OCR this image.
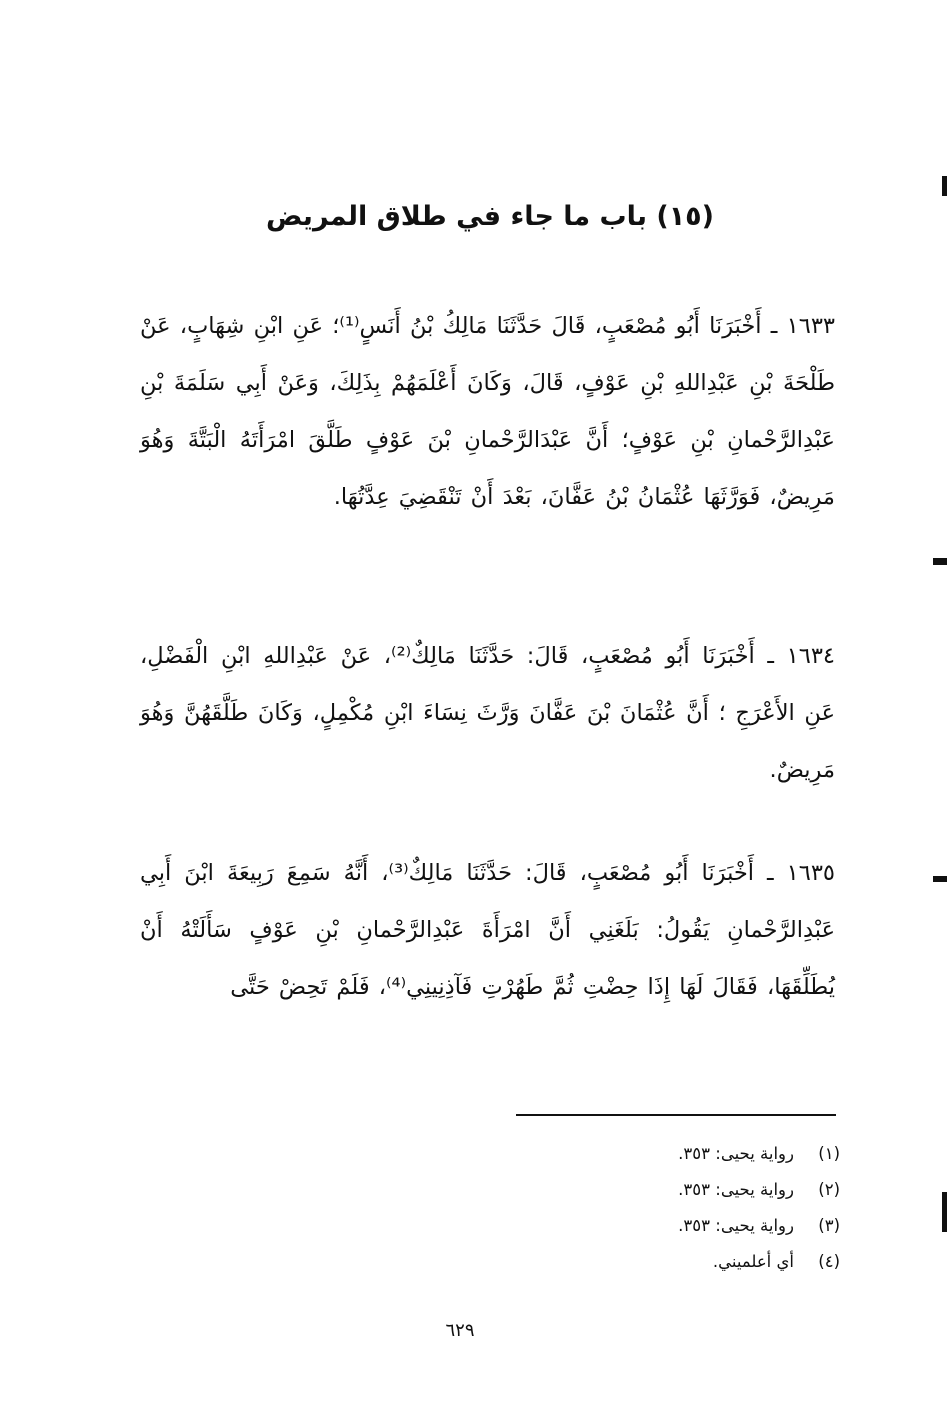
(١٥) باب ما جاء في طلاق المريض
١٦٣٣ ـ أَخْبَرَنَا أَبُو مُصْعَبٍ، قَالَ حَدَّثَنَا مَالِكُ بْنُ أَنَسٍ⁽¹⁾؛ عَنِ ابْنِ شِهَابٍ، عَنْ طَلْحَةَ بْنِ عَبْدِاللهِ بْنِ عَوْفٍ، قَالَ، وَكَانَ أَعْلَمَهُمْ بِذَلِكَ، وَعَنْ أَبِي سَلَمَةَ بْنِ عَبْدِالرَّحْمانِ بْنِ عَوْفٍ؛ أَنَّ عَبْدَالرَّحْمانِ بْنَ عَوْفٍ طَلَّقَ امْرَأَتَهُ الْبَتَّةَ وَهُوَ مَرِيضٌ، فَوَرَّثَهَا عُثْمَانُ بْنُ عَفَّانَ، بَعْدَ أَنْ تَنْقَضِيَ عِدَّتُهَا.
١٦٣٤ ـ أَخْبَرَنَا أَبُو مُصْعَبٍ، قَالَ: حَدَّثَنَا مَالِكٌ⁽²⁾، عَنْ عَبْدِاللهِ ابْنِ الْفَضْلِ، عَنِ الأَعْرَجِ ؛ أَنَّ عُثْمَانَ بْنَ عَفَّانَ وَرَّثَ نِسَاءَ ابْنِ مُكْمِلٍ، وَكَانَ طَلَّقَهُنَّ وَهُوَ مَرِيضٌ.
١٦٣٥ ـ أَخْبَرَنَا أَبُو مُصْعَبٍ، قَالَ: حَدَّثَنَا مَالِكٌ⁽³⁾، أَنَّهُ سَمِعَ رَبِيعَةَ ابْنَ أَبِي عَبْدِالرَّحْمانِ يَقُولُ: بَلَغَنِي أَنَّ امْرَأَةَ عَبْدِالرَّحْمانِ بْنِ عَوْفٍ سَأَلَتْهُ أَنْ يُطَلِّقَهَا، فَقَالَ لَهَا إِذَا حِضْتِ ثُمَّ طَهُرْتِ فَآذِنِينِي⁽⁴⁾، فَلَمْ تَحِضْ حَتَّى
(١)
رواية يحيى: ٣٥٣.
(٢)
رواية يحيى: ٣٥٣.
(٣)
رواية يحيى: ٣٥٣.
(٤)
أي أعلميني.
٦٢٩
